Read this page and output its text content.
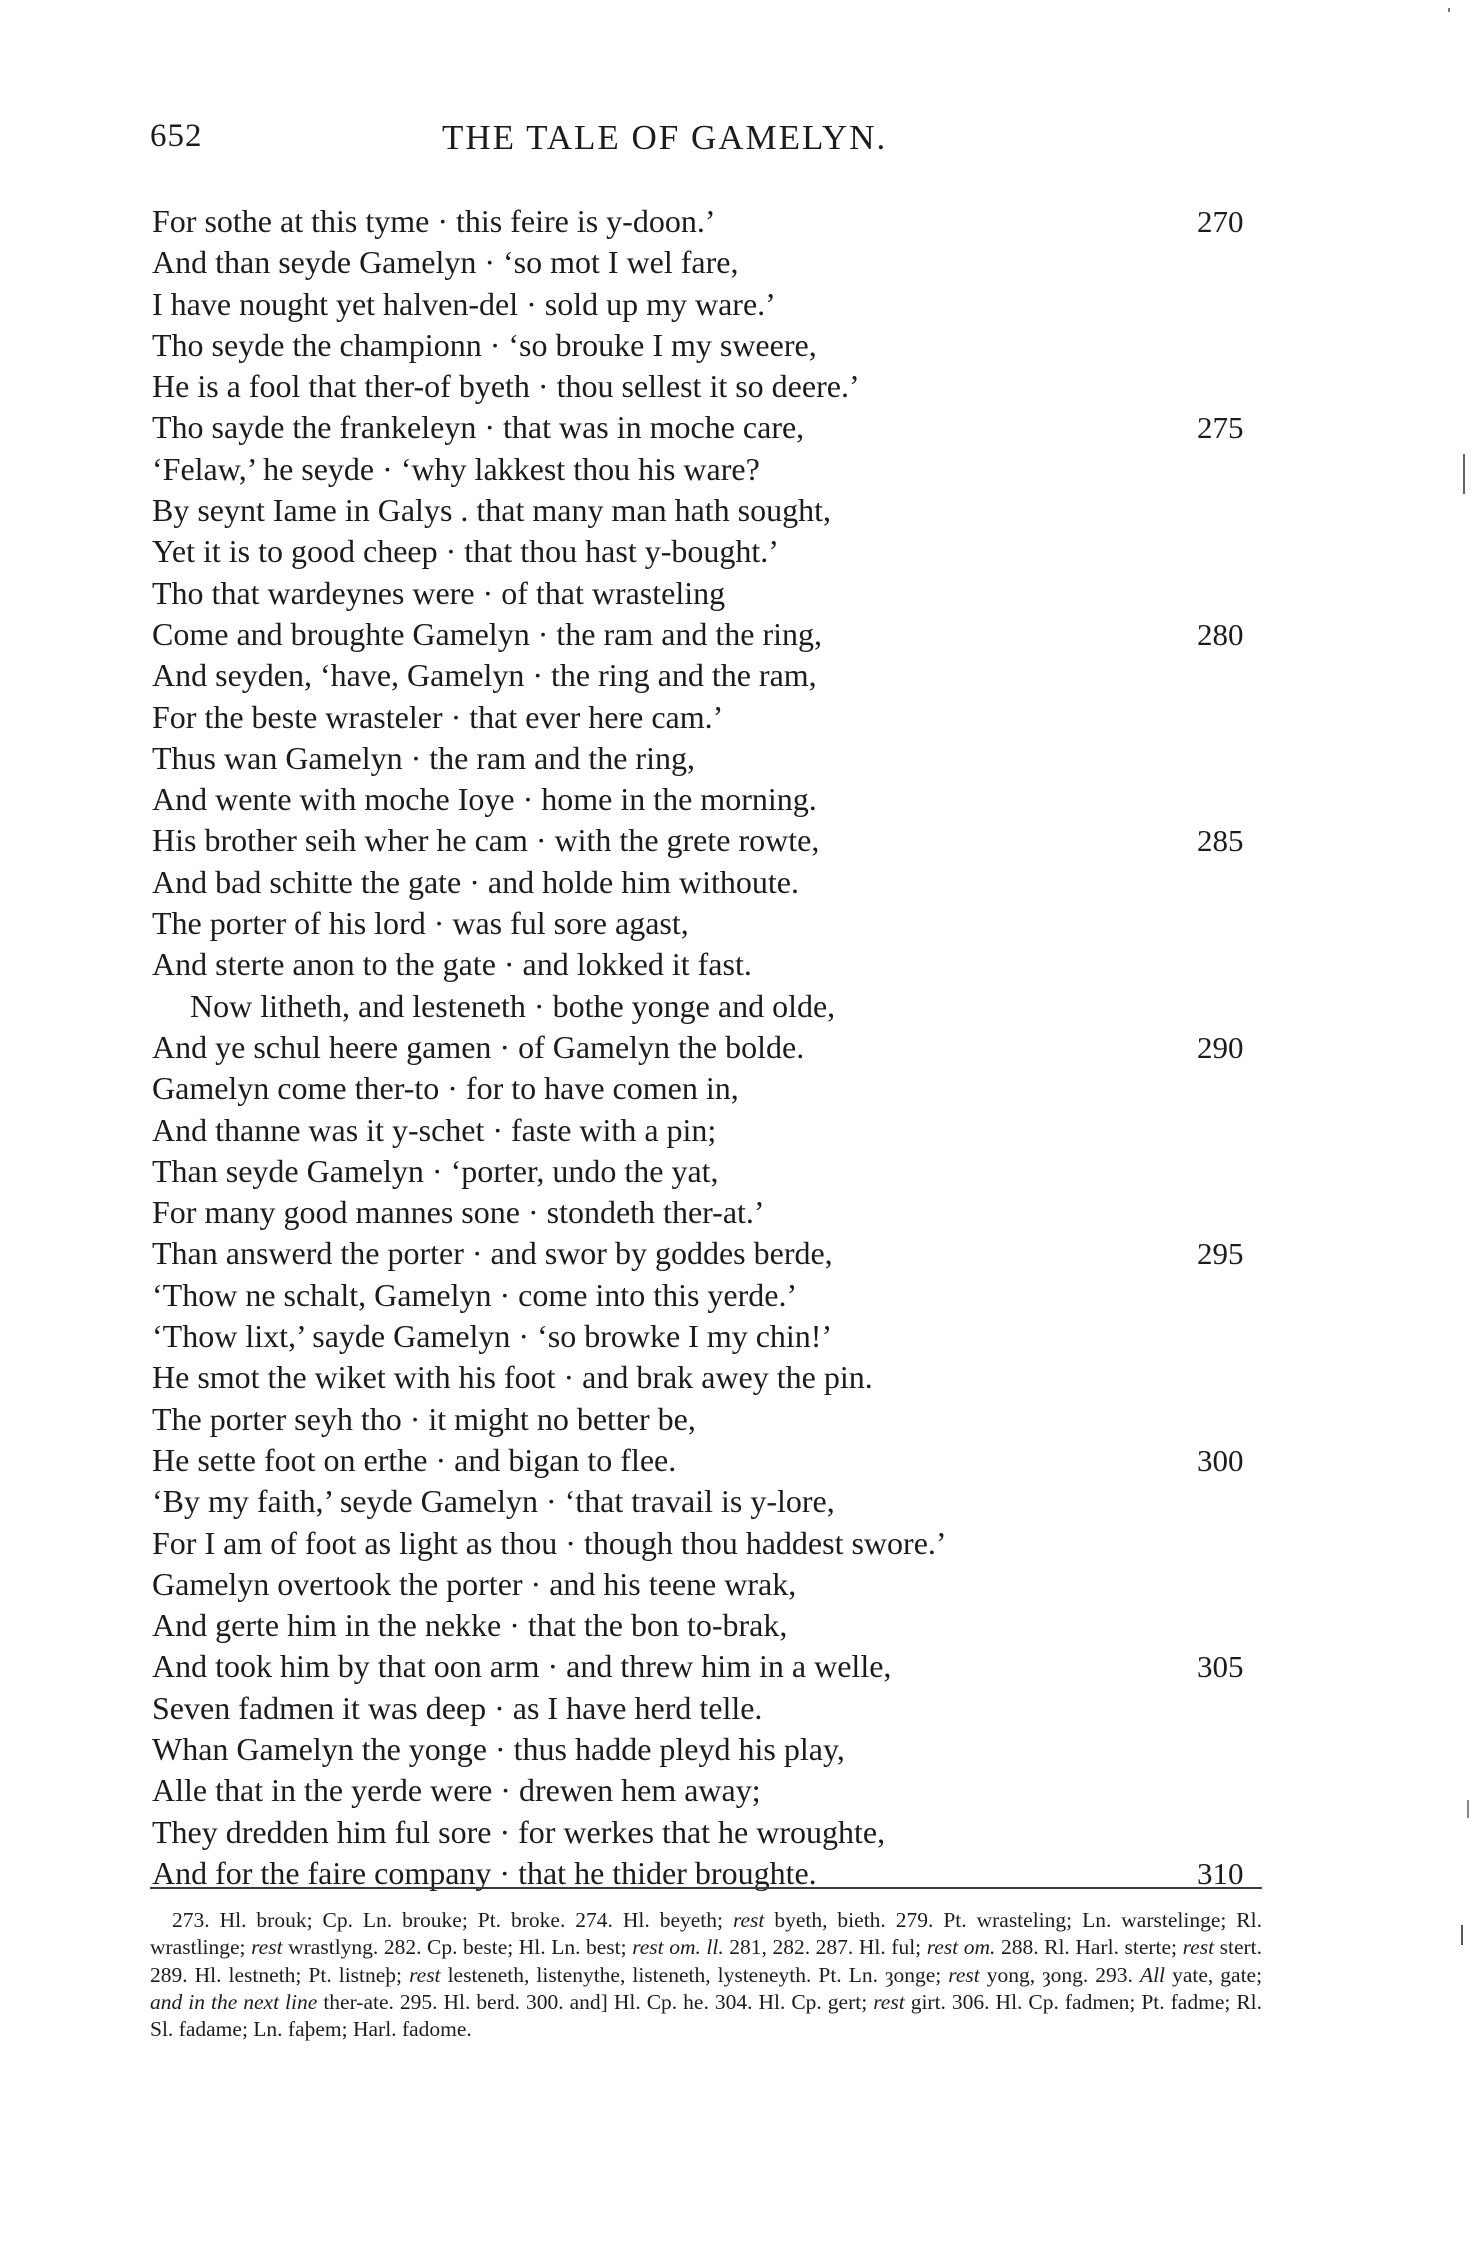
652	THE TALE OF GAMELYN.
For sothe at this tyme · this feire is y-doon.’	270
And than seyde Gamelyn · ‘so mot I wel fare,
I have nought yet halven-del · sold up my ware.’
Tho seyde the championn · ‘so brouke I my sweere,
He is a fool that ther-of byeth · thou sellest it so deere.’
Tho sayde the frankeleyn · that was in moche care,	275
‘Felaw,’ he seyde · ‘why lakkest thou his ware?
By seynt Iame in Galys . that many man hath sought,
Yet it is to good cheep · that thou hast y-bought.’
Tho that wardeynes were · of that wrasteling
Come and broughte Gamelyn · the ram and the ring,	280
And seyden, ‘have, Gamelyn · the ring and the ram,
For the beste wrasteler · that ever here cam.’
Thus wan Gamelyn · the ram and the ring,
And wente with moche Ioye · home in the morning.
His brother seih wher he cam · with the grete rowte,	285
And bad schitte the gate · and holde him withoute.
The porter of his lord · was ful sore agast,
And sterte anon to the gate · and lokked it fast.
Now litheth, and lesteneth · bothe yonge and olde,
And ye schul heere gamen · of Gamelyn the bolde.	290
Gamelyn come ther-to · for to have comen in,
And thanne was it y-schet · faste with a pin;
Than seyde Gamelyn · ‘porter, undo the yat,
For many good mannes sone · stondeth ther-at.’
Than answerd the porter · and swor by goddes berde,	295
‘Thow ne schalt, Gamelyn · come into this yerde.’
‘Thow lixt,’ sayde Gamelyn · ‘so browke I my chin!’
He smot the wiket with his foot · and brak awey the pin.
The porter seyh tho · it might no better be,
He sette foot on erthe · and bigan to flee.	300
‘By my faith,’ seyde Gamelyn · ‘that travail is y-lore,
For I am of foot as light as thou · though thou haddest swore.’
Gamelyn overtook the porter · and his teene wrak,
And gerte him in the nekke · that the bon to-brak,
And took him by that oon arm · and threw him in a welle,	305
Seven fadmen it was deep · as I have herd telle.
Whan Gamelyn the yonge · thus hadde pleyd his play,
Alle that in the yerde were · drewen hem away;
They dredden him ful sore · for werkes that he wroughte,
And for the faire company · that he thider broughte.	310

273. Hl. brouk; Cp. Ln. brouke; Pt. broke. 274. Hl. beyeth; rest byeth, bieth. 279. Pt. wrasteling; Ln. warstelinge; Rl. wrastlinge; rest wrastlyng. 282. Cp. beste; Hl. Ln. best; rest om. ll. 281, 282. 287. Hl. ful; rest om. 288. Rl. Harl. sterte; rest stert. 289. Hl. lestneth; Pt. listneþ; rest lesteneth, listenythe, listeneth, lysteneyth. Pt. Ln. ȝonge; rest yong, ȝong. 293. All yate, gate; and in the next line ther-ate. 295. Hl. berd. 300. and] Hl. Cp. he. 304. Hl. Cp. gert; rest girt. 306. Hl. Cp. fadmen; Pt. fadme; Rl. Sl. fadame; Ln. faþem; Harl. fadome.
